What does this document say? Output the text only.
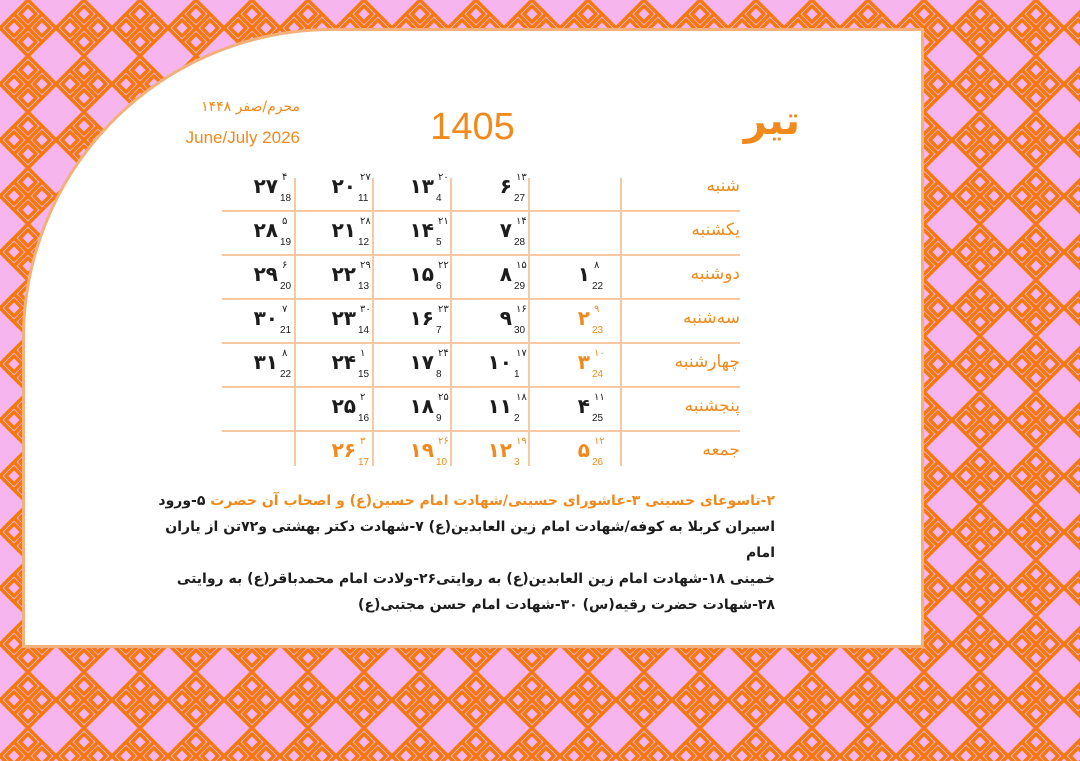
تیر
1405
محرم/صفر ۱۴۴۸
June/July 2026
شنبه
یکشنبه
دوشنبه
سه‌شنبه
چهارشنبه
پنجشنبه
جمعه
۱ ۸
22
۲ ۹
23
۳ ۱۰
24
۴ ۱۱
25
۵ ۱۲
26
۶ ۱۳
27
۷ ۱۴
28
۸ ۱۵
29
۹ ۱۶
30
۱۰ ۱۷
1
۱۱ ۱۸
2
۱۲ ۱۹
3
۱۳ ۲۰
4
۱۴ ۲۱
5
۱۵ ۲۲
6
۱۶ ۲۳
7
۱۷ ۲۴
8
۱۸ ۲۵
9
۱۹ ۲۶
10
۲۰ ۲۷
11
۲۱ ۲۸
12
۲۲ ۲۹
13
۲۳ ۳۰
14
۲۴ ۱
15
۲۵ ۲
16
۲۶ ۳
17
۲۷ ۴
18
۲۸ ۵
19
۲۹ ۶
20
۳۰ ۷
21
۳۱ ۸
22
۲-تاسوعای حسینی ۳-عاشورای حسینی/شهادت امام حسین(ع) و اصحاب آن حضرت ۵-ورود
اسیران کربلا به کوفه/شهادت امام زین العابدین(ع) ۷-شهادت دکتر بهشتی و۷۲تن از یاران امام
خمینی ۱۸-شهادت امام زین العابدین(ع) به روایتی۲۶-ولادت امام محمدباقر(ع) به روایتی
۲۸-شهادت حضرت رقیه(س) ۳۰-شهادت امام حسن مجتبی(ع)
